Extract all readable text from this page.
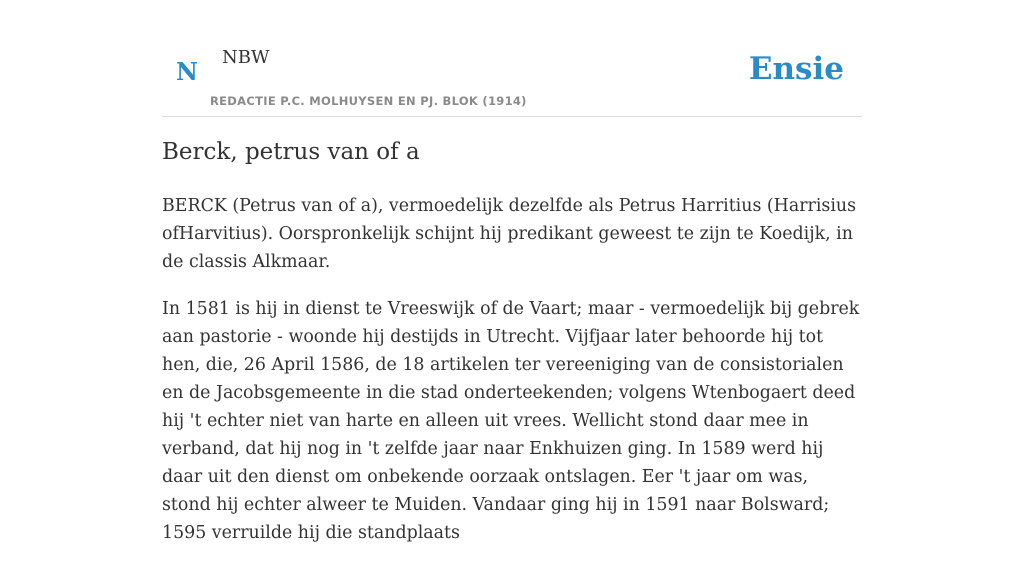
N NBW
REDACTIE P.C. MOLHUYSEN EN PJ. BLOK (1914)
Ensie
Berck, petrus van of a

BERCK (Petrus van of a), vermoedelijk dezelfde als Petrus Harritius (Harrisius ofHarvitius). Oorspronkelijk schijnt hij predikant geweest te zijn te Koedijk, in de classis Alkmaar.

In 1581 is hij in dienst te Vreeswijk of de Vaart; maar - vermoedelijk bij gebrek aan pastorie - woonde hij destijds in Utrecht. Vijfjaar later behoorde hij tot hen, die, 26 April 1586, de 18 artikelen ter vereeniging van de consistorialen en de Jacobsgemeente in die stad onderteekenden; volgens Wtenbogaert deed hij 't echter niet van harte en alleen uit vrees. Wellicht stond daar mee in verband, dat hij nog in 't zelfde jaar naar Enkhuizen ging. In 1589 werd hij daar uit den dienst om onbekende oorzaak ontslagen. Eer 't jaar om was, stond hij echter alweer te Muiden. Vandaar ging hij in 1591 naar Bolsward; 1595 verruilde hij die standplaats
